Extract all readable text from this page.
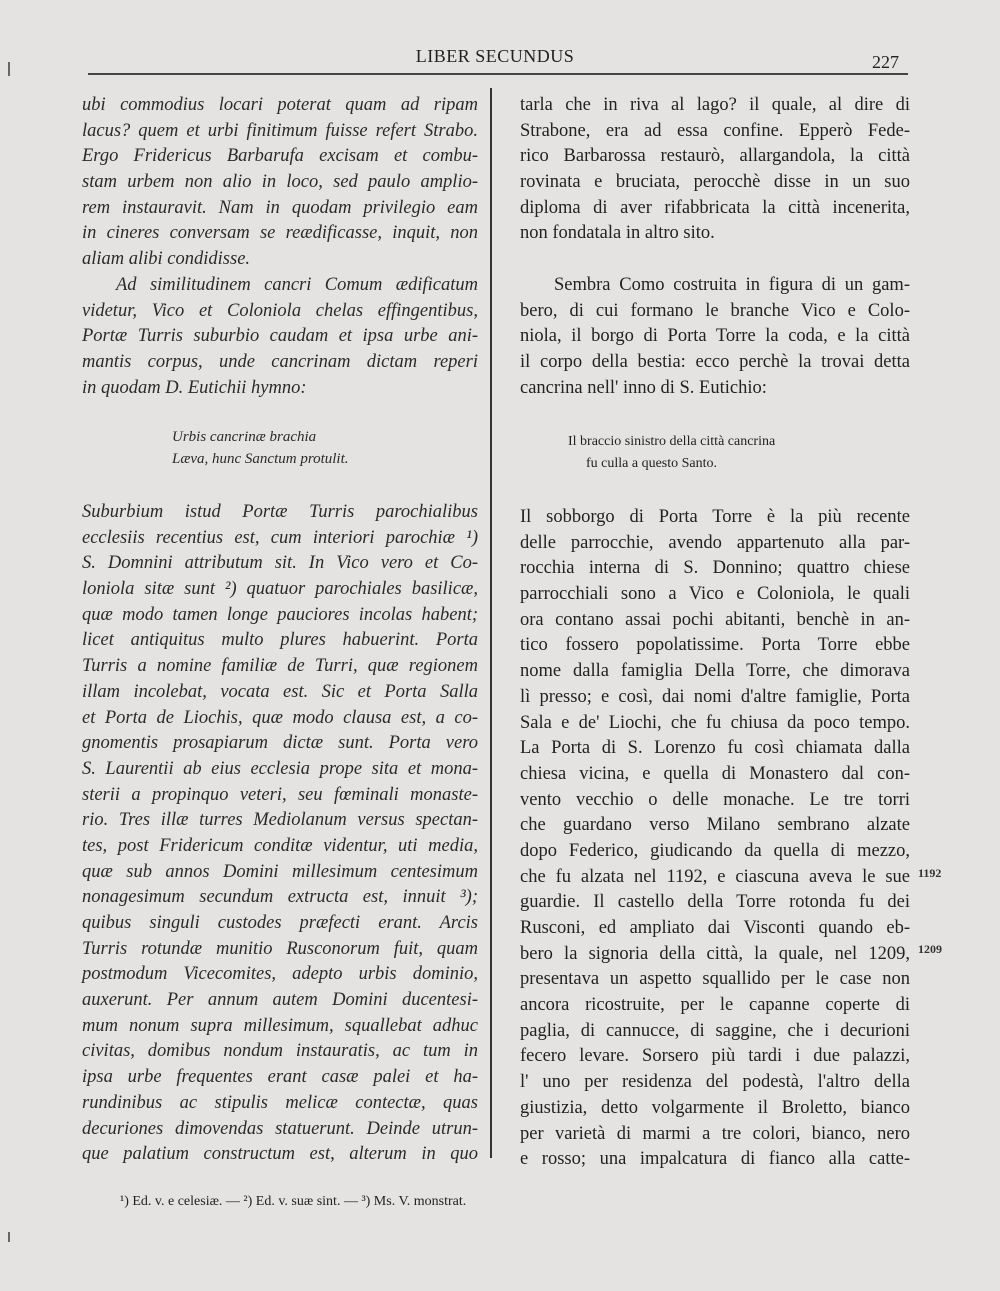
LIBER SECUNDUS	227
ubi commodius locari poterat quam ad ripam
lacus? quem et urbi finitimum fuisse refert Strabo.
Ergo Fridericus Barbarufa excisam et combu-
stam urbem non alio in loco, sed paulo amplio-
rem instauravit. Nam in quodam privilegio eam
in cineres conversam se reædificasse, inquit, non
aliam alibi condidisse.
Ad similitudinem cancri Comum ædificatum
videtur, Vico et Coloniola chelas effingentibus,
Portæ Turris suburbio caudam et ipsa urbe ani-
mantis corpus, unde cancrinam dictam reperi
in quodam D. Eutichii hymno:
Urbis cancrinæ brachia
Læva, hunc Sanctum protulit.
Suburbium istud Portæ Turris parochialibus
ecclesiis recentius est, cum interiori parochiæ ¹)
S. Domnini attributum sit. In Vico vero et Co-
loniola sitæ sunt ²) quatuor parochiales basilicæ,
quæ modo tamen longe pauciores incolas habent;
licet antiquitus multo plures habuerint. Porta
Turris a nomine familiæ de Turri, quæ regionem
illam incolebat, vocata est. Sic et Porta Salla
et Porta de Liochis, quæ modo clausa est, a co-
gnomentis prosapiarum dictæ sunt. Porta vero
S. Laurentii ab eius ecclesia prope sita et mona-
sterii a propinquo veteri, seu fœminali monaste-
rio. Tres illæ turres Mediolanum versus spectan-
tes, post Fridericum conditæ videntur, uti media,
quæ sub annos Domini millesimum centesimum
nonagesimum secundum extructa est, innuit ³);
quibus singuli custodes præfecti erant. Arcis
Turris rotundæ munitio Rusconorum fuit, quam
postmodum Vicecomites, adepto urbis dominio,
auxerunt. Per annum autem Domini ducentesi-
mum nonum supra millesimum, squallebat adhuc
civitas, domibus nondum instauratis, ac tum in
ipsa urbe frequentes erant casæ palei et ha-
rundinibus ac stipulis melicæ contectæ, quas
decuriones dimovendas statuerunt. Deinde utrun-
que palatium constructum est, alterum in quo
tarla che in riva al lago? il quale, al dire di
Strabone, era ad essa confine. Epperò Fede-
rico Barbarossa restaurò, allargandola, la città
rovinata e bruciata, perocchè disse in un suo
diploma di aver rifabbricata la città incenerita,
non fondatala in altro sito.
Sembra Como costruita in figura di un gam-
bero, di cui formano le branche Vico e Colo-
niola, il borgo di Porta Torre la coda, e la città
il corpo della bestia: ecco perchè la trovai detta
cancrina nell' inno di S. Eutichio:
Il braccio sinistro della città cancrina
fu culla a questo Santo.
Il sobborgo di Porta Torre è la più recente
delle parrocchie, avendo appartenuto alla par-
rocchia interna di S. Donnino; quattro chiese
parrocchiali sono a Vico e Coloniola, le quali
ora contano assai pochi abitanti, benchè in an-
tico fossero popolatissime. Porta Torre ebbe
nome dalla famiglia Della Torre, che dimorava
lì presso; e così, dai nomi d'altre famiglie, Porta
Sala e de' Liochi, che fu chiusa da poco tempo.
La Porta di S. Lorenzo fu così chiamata dalla
chiesa vicina, e quella di Monastero dal con-
vento vecchio o delle monache. Le tre torri
che guardano verso Milano sembrano alzate
dopo Federico, giudicando da quella di mezzo,
che fu alzata nel 1192, e ciascuna aveva le sue
guardie. Il castello della Torre rotonda fu dei
Rusconi, ed ampliato dai Visconti quando eb-
bero la signoria della città, la quale, nel 1209,
presentava un aspetto squallido per le case non
ancora ricostruite, per le capanne coperte di
paglia, di cannucce, di saggine, che i decurioni
fecero levare. Sorsero più tardi i due palazzi,
l' uno per residenza del podestà, l'altro della
giustizia, detto volgarmente il Broletto, bianco
per varietà di marmi a tre colori, bianco, nero
e rosso; una impalcatura di fianco alla catte-
1192
1209
¹) Ed. v. e celesiæ. — ²) Ed. v. suæ sint. — ³) Ms. V. monstrat.
